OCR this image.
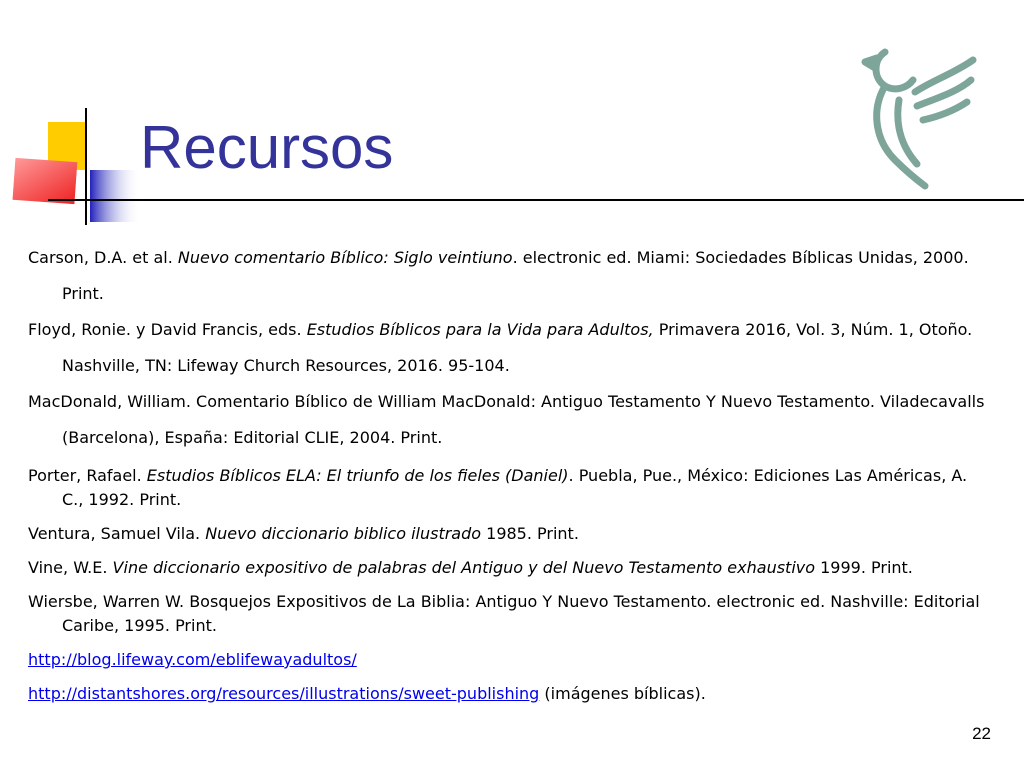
Recursos

Carson, D.A. et al. Nuevo comentario Bíblico: Siglo veintiuno. electronic ed. Miami: Sociedades Bíblicas Unidas, 2000. Print.

Floyd, Ronie. y David Francis, eds. Estudios Bíblicos para la Vida para Adultos, Primavera 2016, Vol. 3, Núm. 1, Otoño. Nashville, TN: Lifeway Church Resources, 2016. 95-104.

MacDonald, William. Comentario Bíblico de William MacDonald: Antiguo Testamento Y Nuevo Testamento. Viladecavalls (Barcelona), España: Editorial CLIE, 2004. Print.

Porter, Rafael. Estudios Bíblicos ELA: El triunfo de los fieles (Daniel). Puebla, Pue., México: Ediciones Las Américas, A. C., 1992. Print.

Ventura, Samuel Vila. Nuevo diccionario biblico ilustrado 1985. Print.

Vine, W.E. Vine diccionario expositivo de palabras del Antiguo y del Nuevo Testamento exhaustivo 1999. Print.

Wiersbe, Warren W. Bosquejos Expositivos de La Biblia: Antiguo Y Nuevo Testamento. electronic ed. Nashville: Editorial Caribe, 1995. Print.

http://blog.lifeway.com/eblifewayadultos/

http://distantshores.org/resources/illustrations/sweet-publishing (imágenes bíblicas).

22
